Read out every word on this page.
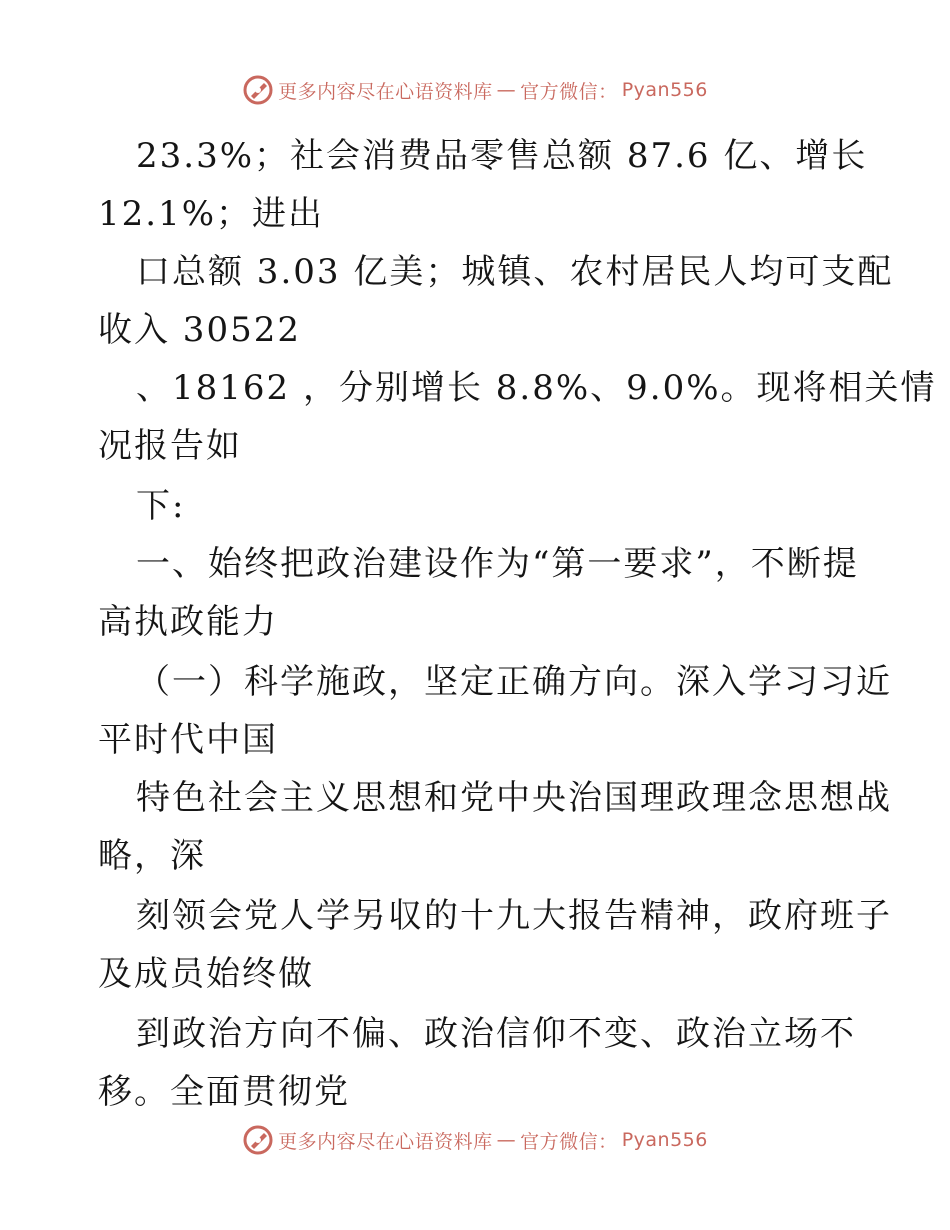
更多内容尽在心语资料库 — 官方微信： Pyan556
23.3%；社会消费品零售总额 87.6 亿、增长
12.1%；进出
口总额 3.03 亿美；城镇、农村居民人均可支配
收入 30522
、18162 ，分别增长 8.8%、9.0%。现将相关情
况报告如
下:
一、始终把政治建设作为“第一要求”，不断提
高执政能力
（一）科学施政，坚定正确方向。深入学习习近
平时代中国
特色社会主义思想和党中央治国理政理念思想战
略，深
刻领会党人学另収的十九大报告精神，政府班子
及成员始终做
到政治方向不偏、政治信仰不变、政治立场不
移。全面贯彻党
更多内容尽在心语资料库 — 官方微信： Pyan556
